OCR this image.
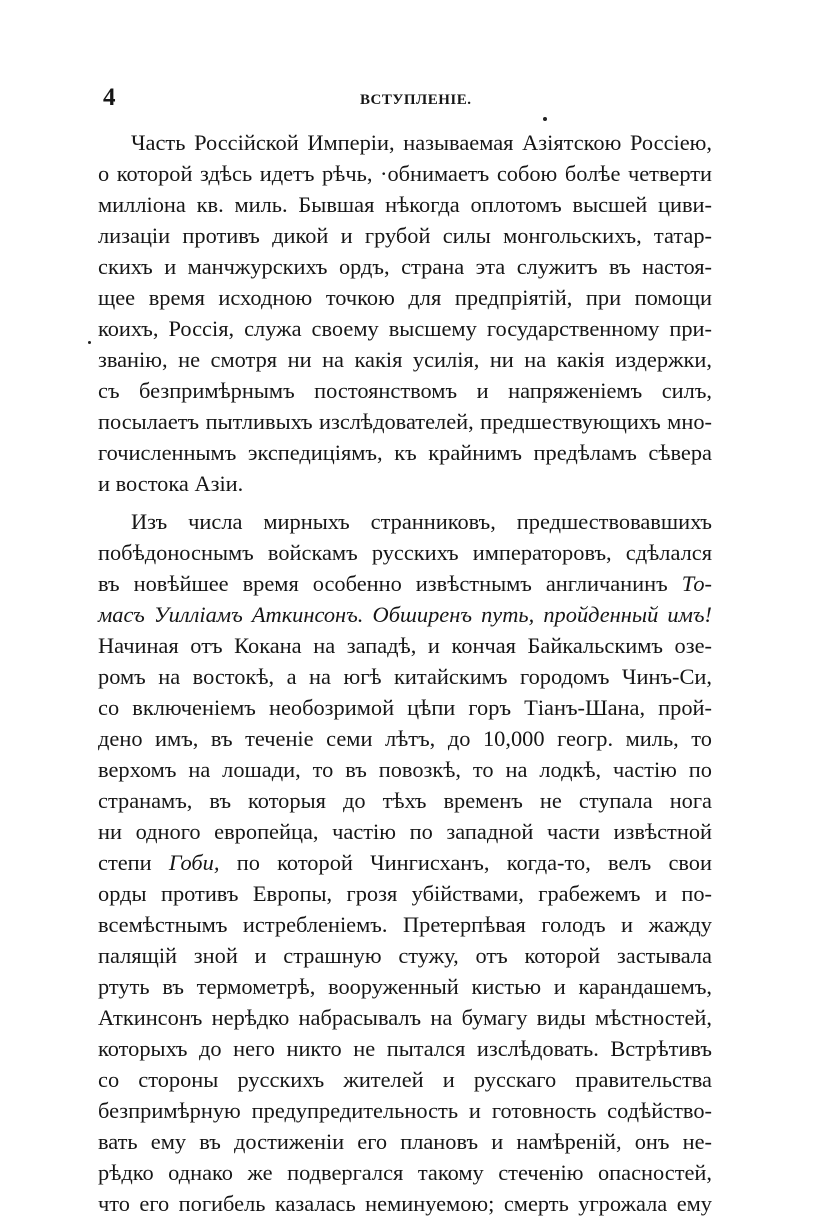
4	ВСТУПЛЕНІЕ.
Часть Россійской Имперіи, называемая Азіятскою Россіею,
о которой здѣсь идетъ рѣчь, ·обнимаетъ собою болѣе четверти
милліона кв. миль. Бывшая нѣкогда оплотомъ высшей циви-
лизаціи противъ дикой и грубой силы монгольскихъ, татар-
скихъ и манчжурскихъ ордъ, страна эта служитъ въ настоя-
щее время исходною точкою для предпріятій, при помощи
коихъ, Россія, служа своему высшему государственному при-
званію, не смотря ни на какія усилія, ни на какія издержки,
съ безпримѣрнымъ постоянствомъ и напряженіемъ силъ,
посылаетъ пытливыхъ изслѣдователей, предшествующихъ мно-
гочисленнымъ экспедиціямъ, къ крайнимъ предѣламъ сѣвера
и востока Азіи.
Изъ числа мирныхъ странниковъ, предшествовавшихъ
побѣдоноснымъ войскамъ русскихъ императоровъ, сдѣлался
въ новѣйшее время особенно извѣстнымъ англичанинъ То-
масъ Уилліамъ Аткинсонъ. Обширенъ путь, пройденный имъ!
Начиная отъ Кокана на западѣ, и кончая Байкальскимъ озе-
ромъ на востокѣ, а на югѣ китайскимъ городомъ Чинъ-Си,
со включеніемъ необозримой цѣпи горъ Тіанъ-Шана, прой-
дено имъ, въ теченіе семи лѣтъ, до 10,000 геогр. миль, то
верхомъ на лошади, то въ повозкѣ, то на лодкѣ, частію по
странамъ, въ которыя до тѣхъ временъ не ступала нога
ни одного европейца, частію по западной части извѣстной
степи Гоби, по которой Чингисханъ, когда-то, велъ свои
орды противъ Европы, грозя убійствами, грабежемъ и по-
всемѣстнымъ истребленіемъ. Претерпѣвая голодъ и жажду
палящій зной и страшную стужу, отъ которой застывала
ртуть въ термометрѣ, вооруженный кистью и карандашемъ,
Аткинсонъ нерѣдко набрасывалъ на бумагу виды мѣстностей,
которыхъ до него никто не пытался изслѣдовать. Встрѣтивъ
со стороны русскихъ жителей и русскаго правительства
безпримѣрную предупредительность и готовность содѣйство-
вать ему въ достиженіи его плановъ и намѣреній, онъ не-
рѣдко однако же подвергался такому стеченію опасностей,
что его погибель казалась неминуемою; смерть угрожала ему
